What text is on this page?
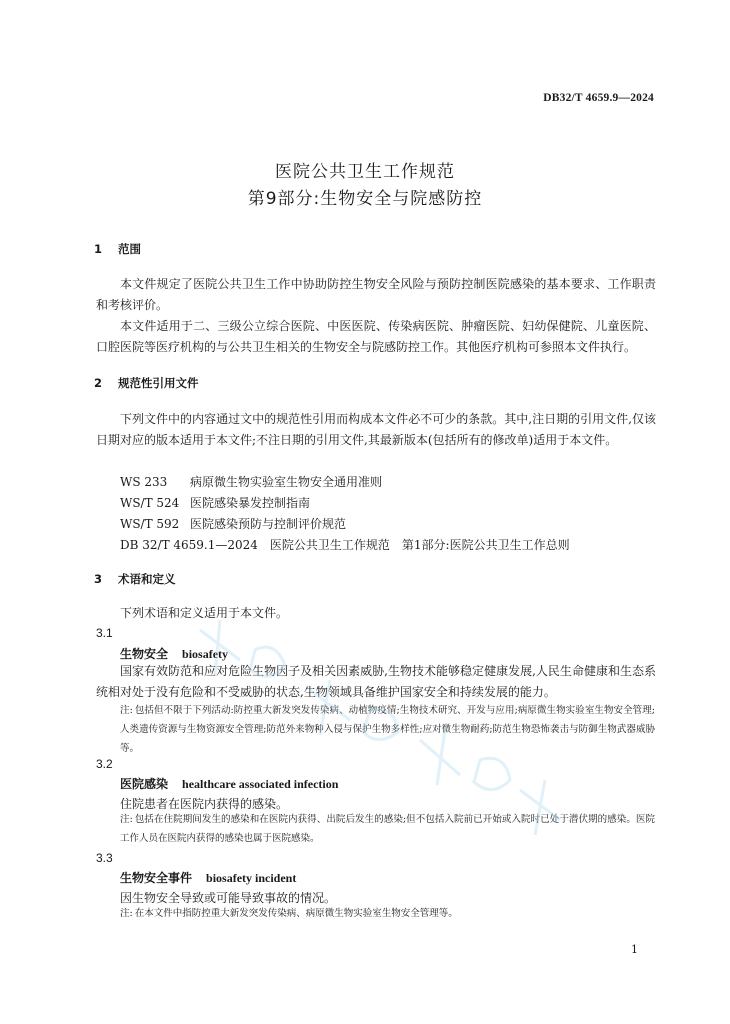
DB32/T 4659.9—2024
医院公共卫生工作规范
第9部分:生物安全与院感防控
1 范围

本文件规定了医院公共卫生工作中协助防控生物安全风险与预防控制医院感染的基本要求、工作职责和考核评价。

本文件适用于二、三级公立综合医院、中医医院、传染病医院、肿瘤医院、妇幼保健院、儿童医院、口腔医院等医疗机构的与公共卫生相关的生物安全与院感防控工作。其他医疗机构可参照本文件执行。

2 规范性引用文件

下列文件中的内容通过文中的规范性引用而构成本文件必不可少的条款。其中,注日期的引用文件,仅该日期对应的版本适用于本文件;不注日期的引用文件,其最新版本(包括所有的修改单)适用于本文件。

WS 233 病原微生物实验室生物安全通用准则
WS/T 524 医院感染暴发控制指南
WS/T 592 医院感染预防与控制评价规范
DB 32/T 4659.1—2024 医院公共卫生工作规范　第1部分:医院公共卫生工作总则
3 术语和定义
下列术语和定义适用于本文件。
3.1
生物安全 biosafety

国家有效防范和应对危险生物因子及相关因素威胁,生物技术能够稳定健康发展,人民生命健康和生态系统相对处于没有危险和不受威胁的状态,生物领域具备维护国家安全和持续发展的能力。

注: 包括但不限于下列活动:防控重大新发突发传染病、动植物疫情;生物技术研究、开发与应用;病原微生物实验室生物安全管理;人类遗传资源与生物资源安全管理;防范外来物种入侵与保护生物多样性;应对微生物耐药;防范生物恐怖袭击与防御生物武器威胁等。

3.2
医院感染 healthcare associated infection
住院患者在医院内获得的感染。

注: 包括在住院期间发生的感染和在医院内获得、出院后发生的感染;但不包括入院前已开始或入院时已处于潜伏期的感染。医院工作人员在医院内获得的感染也属于医院感染。

3.3
生物安全事件 biosafety incident
因生物安全导致或可能导致事故的情况。

注: 在本文件中指防控重大新发突发传染病、病原微生物实验室生物安全管理等。

1
